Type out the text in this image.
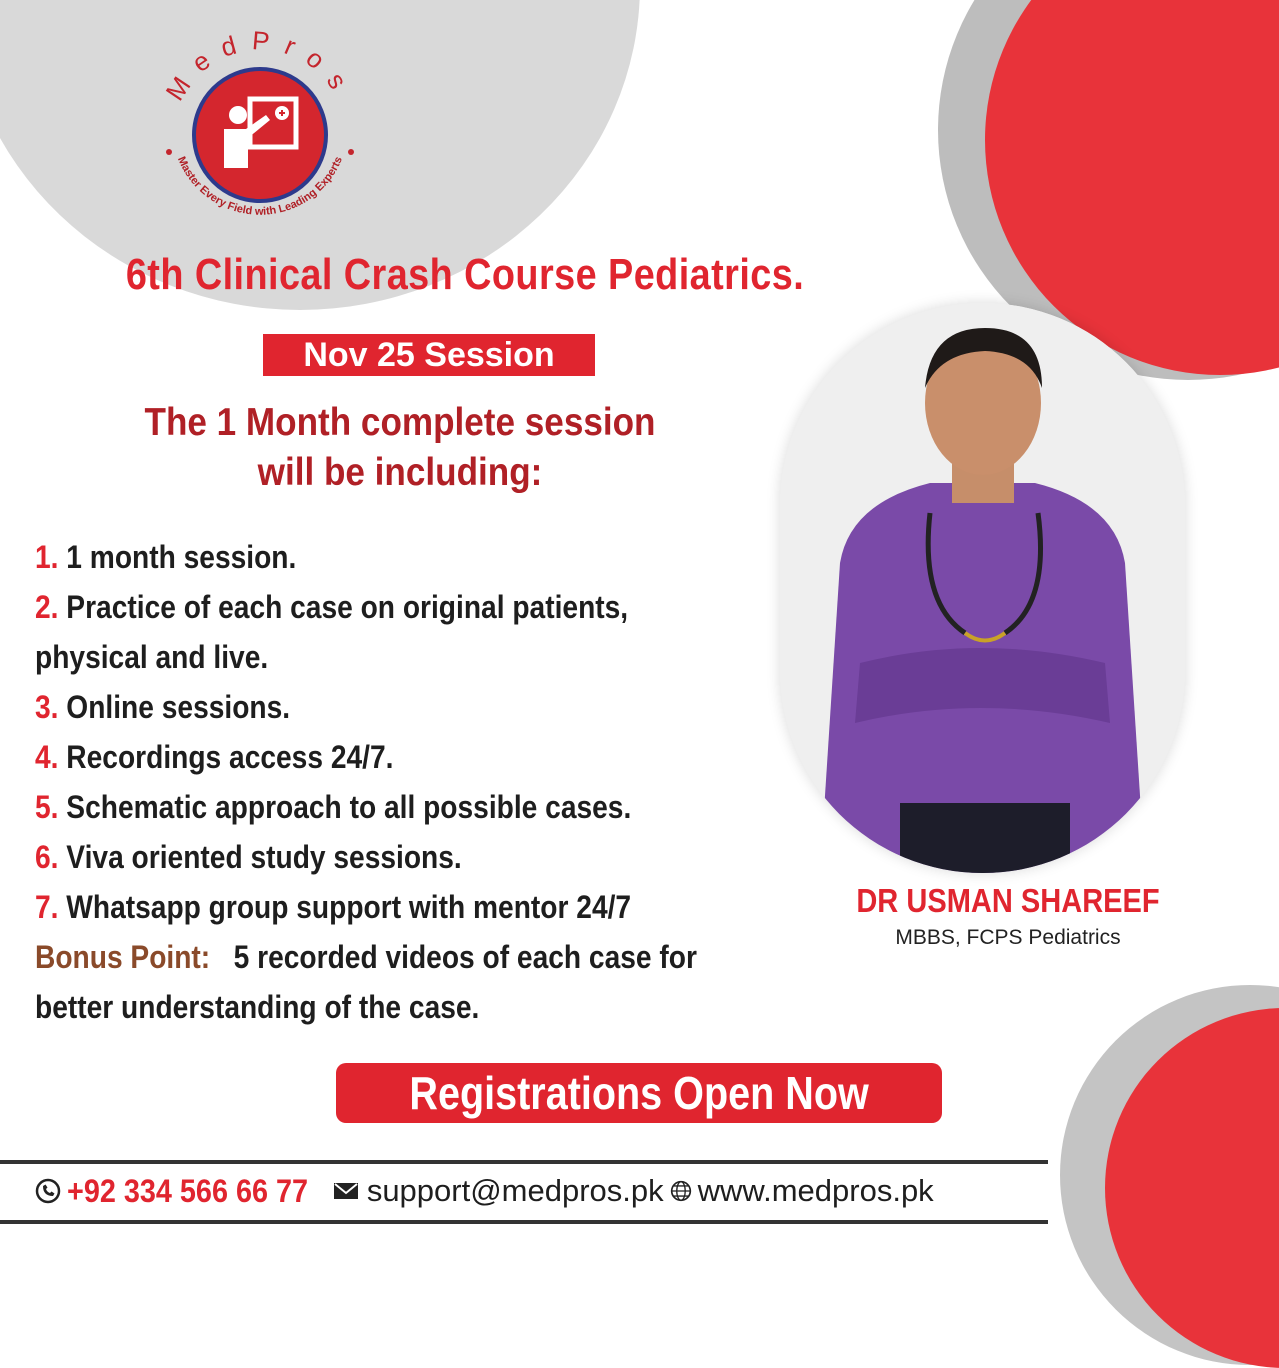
MedPros
Master Every Field with Leading Experts
6th Clinical Crash Course Pediatrics.
Nov 25 Session
The 1 Month complete session
will be including:
1. 1 month session.
2. Practice of each case on original patients,
physical and live.
3. Online sessions.
4. Recordings access 24/7.
5. Schematic approach to all possible cases.
6. Viva oriented study sessions.
7. Whatsapp group support with mentor 24/7
Bonus Point: 5 recorded videos of each case for
better understanding of the case.
DR USMAN SHAREEF
MBBS, FCPS Pediatrics
Registrations Open Now
+92 334 566 66 77 support@medpros.pk www.medpros.pk
